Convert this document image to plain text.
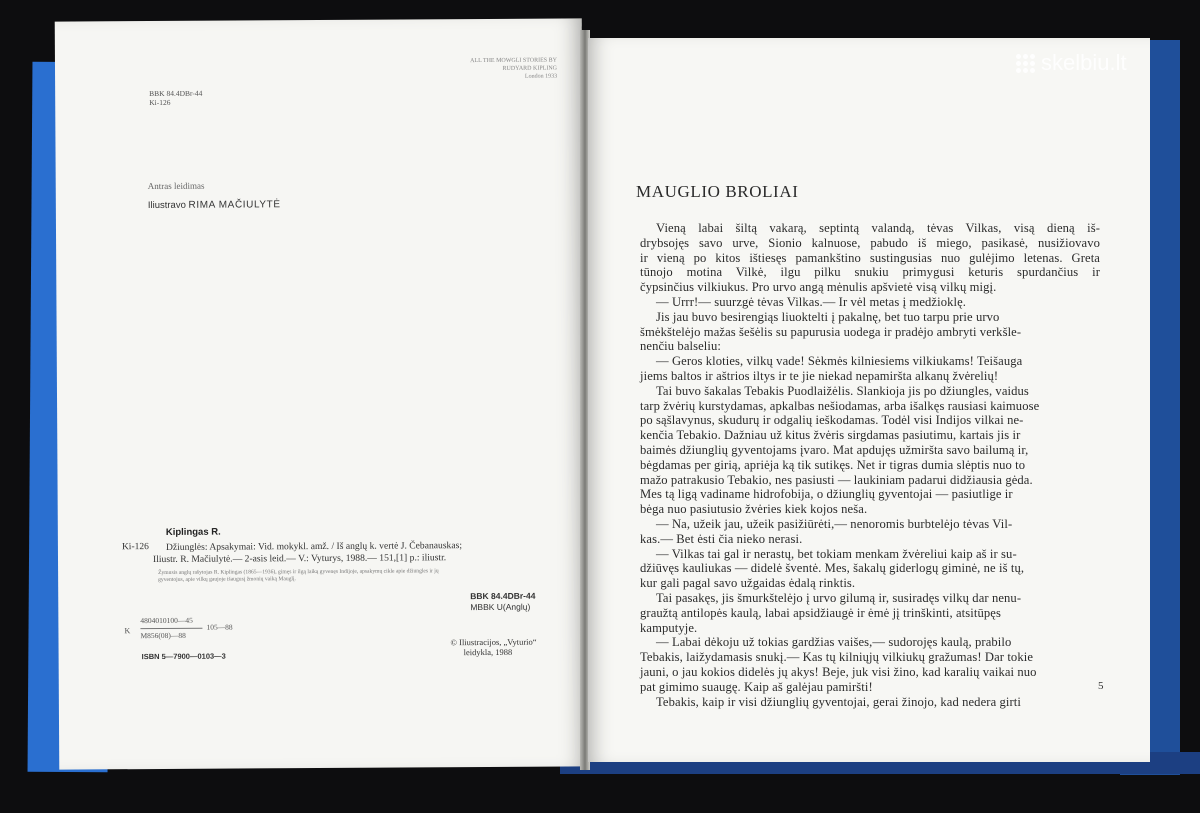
BBK 84.4DBr-44

Ki-126

ALL THE MOWGLI STORIES BY
RUDYARD KIPLING
London 1933

Antras leidimas

Iliustravo RIMA MAČIULYTĖ

Ki-126

Kiplingas R.

Džiunglės: Apsakymai: Vid. mokykl. amž. / Iš anglų k. vertė J. Čebanauskas;

Iliustr. R. Mačiulytė.— 2-asis leid.— V.: Vyturys, 1988.— 151,[1] p.: iliustr.

Žymusis anglų rašytojas R. Kiplingas (1865—1936), gimęs ir ilgą laiką gyvenęs Indijoje, apsakymų cikle apie džiungles ir jų

gyventojus, apie vilkų gaujoje išaugusį žmonių vaiką Mauglį.

BBK 84.4DBr-44

MBBK U(Anglų)

K

4804010100—45

105—88

M856(08)—88

ISBN 5—7900—0103—3

© Iliustracijos, „Vyturio“

leidykla, 1988

MAUGLIO BROLIAI
Vieną labai šiltą vakarą, septintą valandą, tėvas Vilkas, visą dieną iš-
drybsojęs savo urve, Sionio kalnuose, pabudo iš miego, pasikasė, nusižiovavo
ir vieną po kitos ištiesęs pamankštino sustingusias nuo gulėjimo letenas. Greta
tūnojo motina Vilkė, ilgu pilku snukiu primygusi keturis spurdančius ir
čypsinčius vilkiukus. Pro urvo angą mėnulis apšvietė visą vilkų migį.
— Urrr!— suurzgė tėvas Vilkas.— Ir vėl metas į medžioklę.
Jis jau buvo besirengiąs liuoktelti į pakalnę, bet tuo tarpu prie urvo
šmėkštelėjo mažas šešėlis su papurusia uodega ir pradėjo ambryti verkšle-
nenčiu balseliu:
— Geros kloties, vilkų vade! Sėkmės kilniesiems vilkiukams! Teišauga
jiems baltos ir aštrios iltys ir te jie niekad nepamiršta alkanų žvėrelių!
Tai buvo šakalas Tebakis Puodlaižėlis. Slankioja jis po džiungles, vaidus
tarp žvėrių kurstydamas, apkalbas nešiodamas, arba išalkęs rausiasi kaimuose
po sąšlavynus, skudurų ir odgalių ieškodamas. Todėl visi Indijos vilkai ne-
kenčia Tebakio. Dažniau už kitus žvėris sirgdamas pasiutimu, kartais jis ir
baimės džiunglių gyventojams įvaro. Mat apdujęs užmiršta savo bailumą ir,
bėgdamas per girią, apriėja ką tik sutikęs. Net ir tigras dumia slėptis nuo to
mažo patrakusio Tebakio, nes pasiusti — laukiniam padarui didžiausia gėda.
Mes tą ligą vadiname hidrofobija, o džiunglių gyventojai — pasiutlige ir
bėga nuo pasiutusio žvėries kiek kojos neša.
— Na, užeik jau, užeik pasižiūrėti,— nenoromis burbtelėjo tėvas Vil-
kas.— Bet ėsti čia nieko nerasi.
— Vilkas tai gal ir nerastų, bet tokiam menkam žvėreliui kaip aš ir su-
džiūvęs kauliukas — didelė šventė. Mes, šakalų giderlogų giminė, ne iš tų,
kur gali pagal savo užgaidas ėdalą rinktis.
Tai pasakęs, jis šmurkštelėjo į urvo gilumą ir, susiradęs vilkų dar nenu-
graužtą antilopės kaulą, labai apsidžiaugė ir ėmė jį trinškinti, atsitūpęs
kamputyje.
— Labai dėkoju už tokias gardžias vaišes,— sudorojęs kaulą, prabilo
Tebakis, laižydamasis snukį.— Kas tų kilniųjų vilkiukų gražumas! Dar tokie
jauni, o jau kokios didelės jų akys! Beje, juk visi žino, kad karalių vaikai nuo
pat gimimo suaugę. Kaip aš galėjau pamiršti!
Tebakis, kaip ir visi džiunglių gyventojai, gerai žinojo, kad nedera girti

5

skelbiu.lt
